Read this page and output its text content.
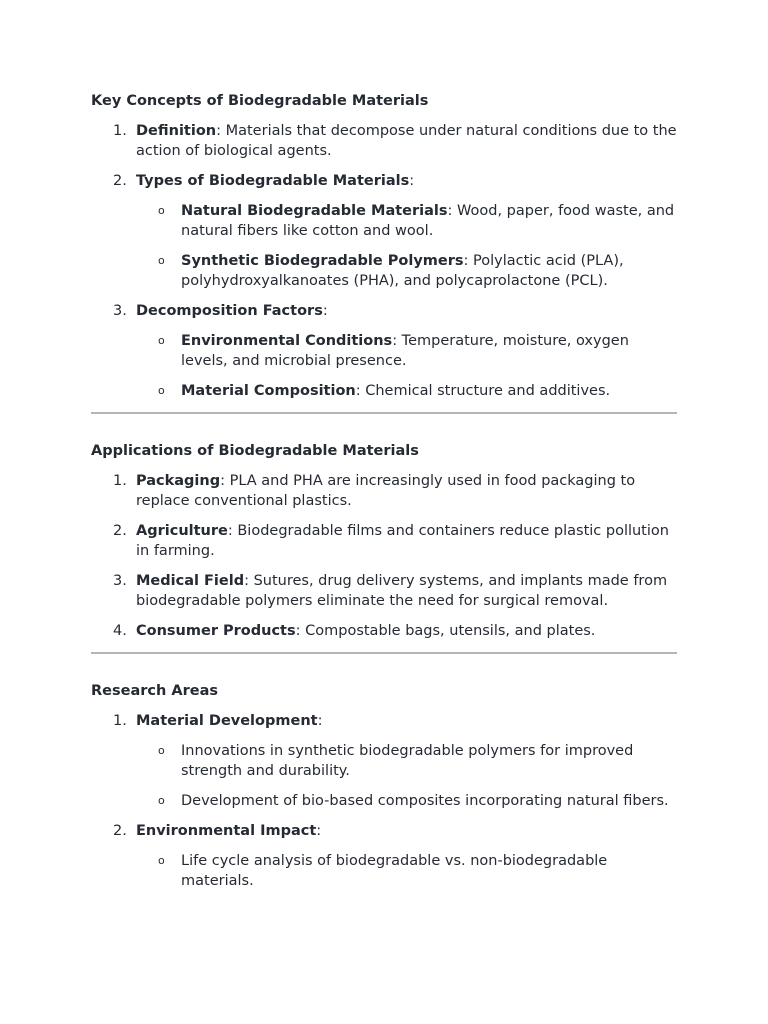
Key Concepts of Biodegradable Materials
1. Definition: Materials that decompose under natural conditions due to the action of biological agents.
2. Types of Biodegradable Materials:
o Natural Biodegradable Materials: Wood, paper, food waste, and natural fibers like cotton and wool.
o Synthetic Biodegradable Polymers: Polylactic acid (PLA), polyhydroxyalkanoates (PHA), and polycaprolactone (PCL).
3. Decomposition Factors:
o Environmental Conditions: Temperature, moisture, oxygen levels, and microbial presence.
o Material Composition: Chemical structure and additives.
Applications of Biodegradable Materials
1. Packaging: PLA and PHA are increasingly used in food packaging to replace conventional plastics.
2. Agriculture: Biodegradable films and containers reduce plastic pollution in farming.
3. Medical Field: Sutures, drug delivery systems, and implants made from biodegradable polymers eliminate the need for surgical removal.
4. Consumer Products: Compostable bags, utensils, and plates.
Research Areas
1. Material Development:
o Innovations in synthetic biodegradable polymers for improved strength and durability.
o Development of bio-based composites incorporating natural fibers.
2. Environmental Impact:
o Life cycle analysis of biodegradable vs. non-biodegradable materials.
